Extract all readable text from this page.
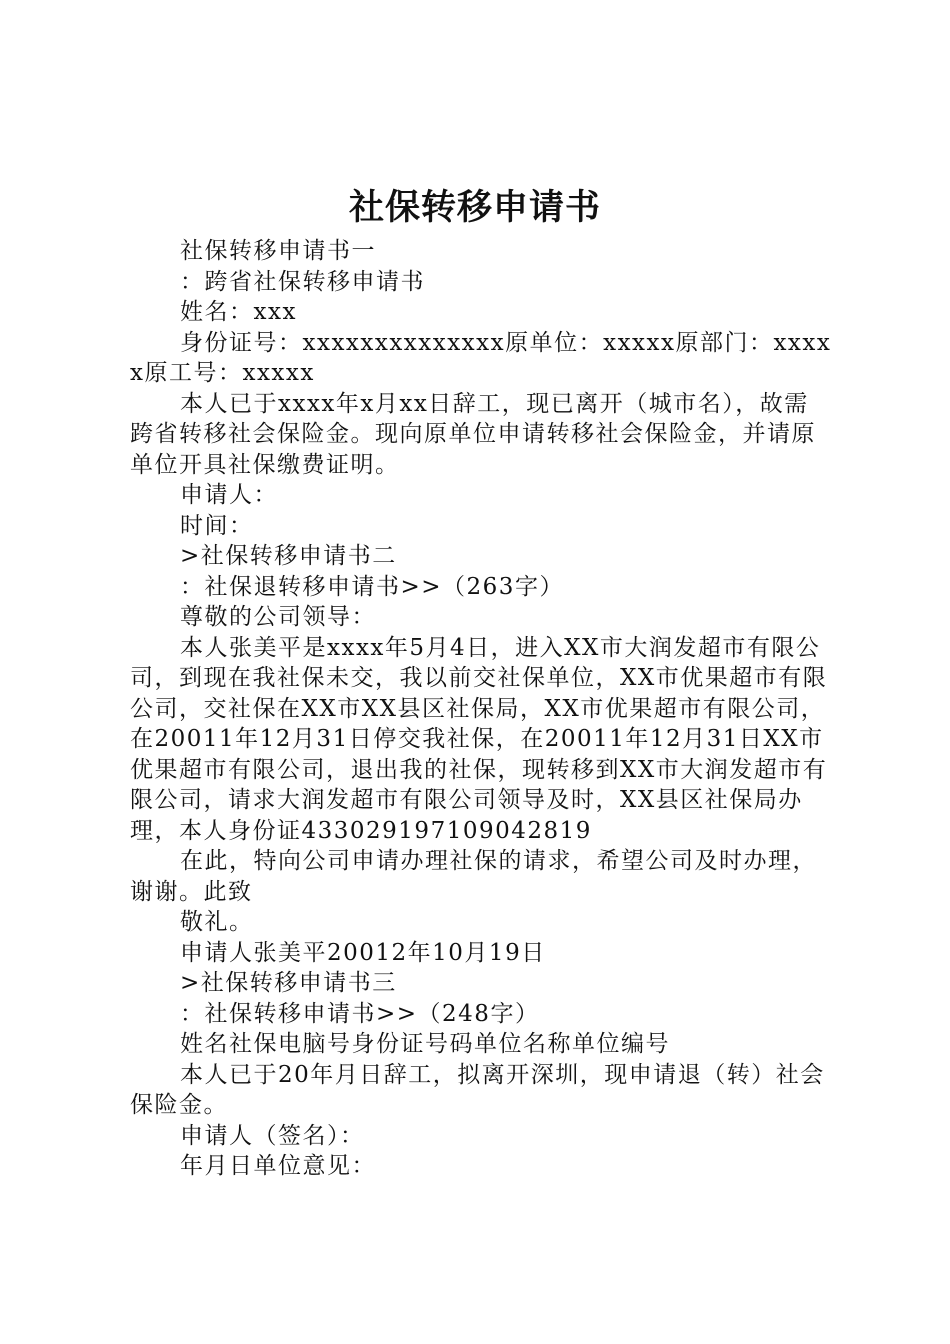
社保转移申请书

社保转移申请书一

：跨省社保转移申请书

姓名：xxx

身份证号：xxxxxxxxxxxxxx原单位：xxxxx原部门：xxxxx原工号：xxxxx

本人已于xxxx年x月xx日辞工，现已离开（城市名），故需跨省转移社会保险金。现向原单位申请转移社会保险金，并请原单位开具社保缴费证明。

申请人：

时间：

>社保转移申请书二

：社保退转移申请书>>（263字）

尊敬的公司领导：

本人张美平是xxxx年5月4日，进入XX市大润发超市有限公司，到现在我社保未交，我以前交社保单位，XX市优果超市有限公司，交社保在XX市XX县区社保局，XX市优果超市有限公司，在20011年12月31日停交我社保，在20011年12月31日XX市优果超市有限公司，退出我的社保，现转移到XX市大润发超市有限公司，请求大润发超市有限公司领导及时，XX县区社保局办理，本人身份证433029197109042819

在此，特向公司申请办理社保的请求，希望公司及时办理，谢谢。此致

敬礼。

申请人张美平20012年10月19日

>社保转移申请书三

：社保转移申请书>>（248字）

姓名社保电脑号身份证号码单位名称单位编号

本人已于20年月日辞工，拟离开深圳，现申请退（转）社会保险金。

申请人（签名）：

年月日单位意见：
